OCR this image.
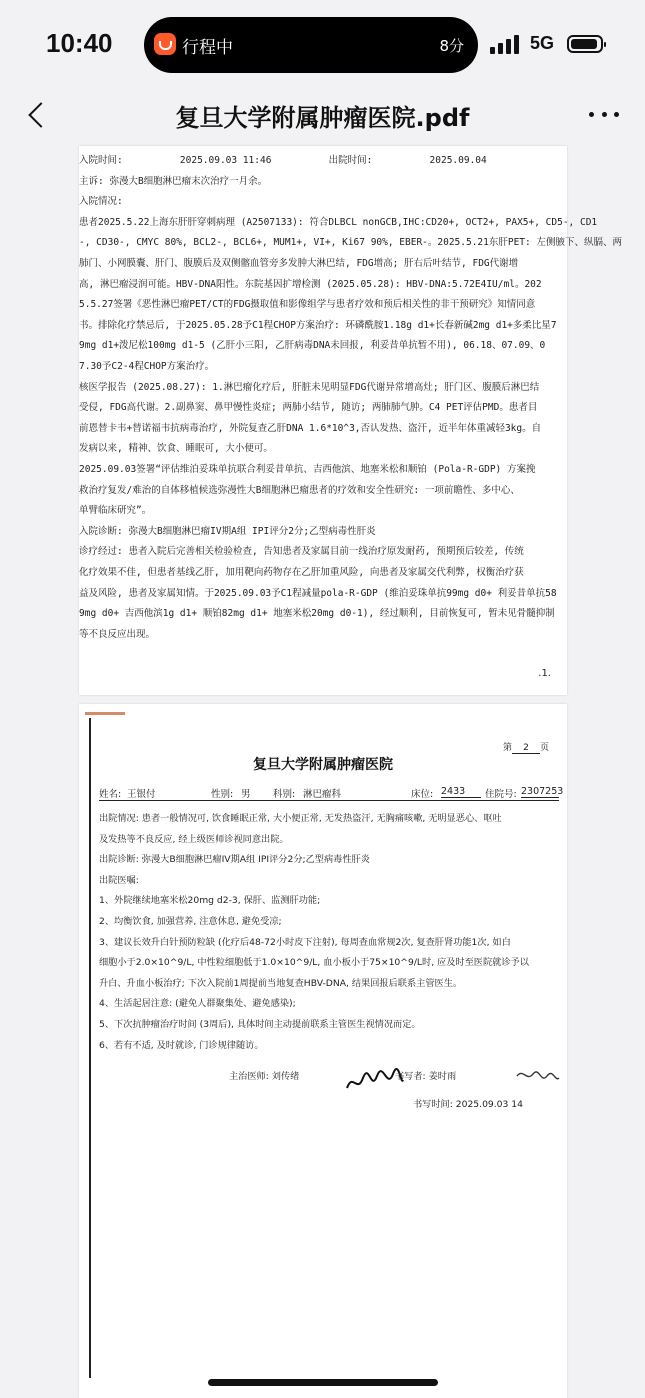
10:40	行程中	8分	5G
复旦大学附属肿瘤医院.pdf
.1.
入院时间:          2025.09.03 11:46          出院时间:          2025.09.04
主诉: 弥漫大B细胞淋巴瘤末次治疗一月余。
入院情况:
患者2025.5.22上海东肝肝穿刺病理 (A2507133): 符合DLBCL nonGCB,IHC:CD20+, OCT2+, PAX5+, CD5-, CD1
-, CD30-, CMYC 80%, BCL2-, BCL6+, MUM1+, VI+, Ki67 90%, EBER-。2025.5.21东肝PET: 左侧腋下、纵膈、两
肺门、小网膜囊、肝门、腹膜后及双侧髂血管旁多发肿大淋巴结, FDG增高; 肝右后叶结节, FDG代谢增
高, 淋巴瘤浸润可能。HBV-DNA阳性。东院基因扩增检测 (2025.05.28): HBV-DNA:5.72E4IU/ml。202
5.5.27签署《恶性淋巴瘤PET/CT的FDG摄取值和影像组学与患者疗效和预后相关性的非干预研究》知情同意
书。排除化疗禁忌后, 于2025.05.28予C1程CHOP方案治疗: 环磷酰胺1.18g d1+长春新碱2mg d1+多柔比星7
9mg d1+泼尼松100mg d1-5 (乙肝小三阳, 乙肝病毒DNA未回报, 利妥昔单抗暂不用), 06.18、07.09、0
7.30予C2-4程CHOP方案治疗。
核医学报告 (2025.08.27): 1.淋巴瘤化疗后, 肝脏未见明显FDG代谢异常增高灶; 肝门区、腹膜后淋巴结
受侵, FDG高代谢。2.副鼻窦、鼻甲慢性炎症; 两肺小结节, 随访; 两肺肺气肿。C4 PET评估PMD。患者目
前恩替卡韦+替诺福韦抗病毒治疗, 外院复查乙肝DNA 1.6*10^3,否认发热、盗汗, 近半年体重减轻3kg。自
发病以来, 精神、饮食、睡眠可, 大小便可。
2025.09.03签署“评估维泊妥珠单抗联合利妥昔单抗、吉西他滨、地塞米松和顺铂 (Pola-R-GDP) 方案挽
救治疗复发/难治的自体移植候选弥漫性大B细胞淋巴瘤患者的疗效和安全性研究: 一项前瞻性、多中心、
单臂临床研究”。
入院诊断: 弥漫大B细胞淋巴瘤IV期A组 IPI评分2分;乙型病毒性肝炎
诊疗经过: 患者入院后完善相关检验检查, 告知患者及家属目前一线治疗原发耐药, 预期预后较差, 传统
化疗效果不佳, 但患者基线乙肝, 加用靶向药物存在乙肝加重风险, 向患者及家属交代利弊, 权衡治疗获
益及风险, 患者及家属知情。于2025.09.03予C1程减量pola-R-GDP (维泊妥珠单抗99mg d0+ 利妥昔单抗58
9mg d0+ 吉西他滨1g d1+ 顺铂82mg d1+ 地塞米松20mg d0-1), 经过顺利, 目前恢复可, 暂未见骨髓抑制
等不良反应出现。
第 2 页
复旦大学附属肿瘤医院
姓名: 王银付	性别: 男	科别: 淋巴瘤科	床位: 2433	住院号: 2307253
主治医师: 刘传绪	书写者: 姜时雨
书写时间: 2025.09.03 14
出院情况: 患者一般情况可, 饮食睡眠正常, 大小便正常, 无发热盗汗, 无胸痛咳嗽, 无明显恶心、呕吐
及发热等不良反应, 经上级医师诊视同意出院。
出院诊断: 弥漫大B细胞淋巴瘤IV期A组 IPI评分2分;乙型病毒性肝炎
出院医嘱:
1、外院继续地塞米松20mg d2-3, 保肝、监测肝功能;
2、均衡饮食, 加强营养, 注意休息, 避免受凉;
3、建议长效升白针预防粒缺 (化疗后48-72小时皮下注射), 每周查血常规2次, 复查肝肾功能1次, 如白
细胞小于2.0×10^9/L, 中性粒细胞低于1.0×10^9/L, 血小板小于75×10^9/L时, 应及时至医院就诊予以
升白、升血小板治疗; 下次入院前1周提前当地复查HBV-DNA, 结果回报后联系主管医生。
4、生活起居注意: (避免人群聚集处、避免感染);
5、下次抗肿瘤治疗时间 (3周后), 具体时间主动提前联系主管医生视情况而定。
6、若有不适, 及时就诊, 门诊规律随访。
